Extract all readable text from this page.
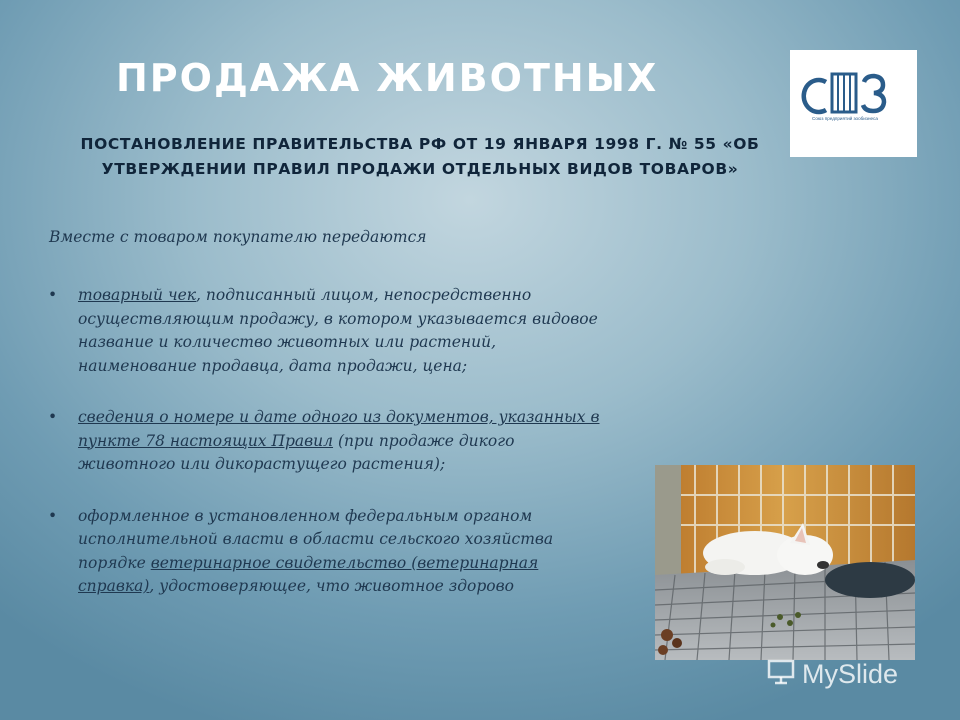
ПРОДАЖА ЖИВОТНЫХ
ПОСТАНОВЛЕНИЕ ПРАВИТЕЛЬСТВА РФ ОТ 19 ЯНВАРЯ 1998 Г. № 55 «ОБ УТВЕРЖДЕНИИ ПРАВИЛ ПРОДАЖИ ОТДЕЛЬНЫХ ВИДОВ ТОВАРОВ»
Союз предприятий зообизнеса

Вместе с товаром покупателю передаются

• товарный чек, подписанный лицом, непосредственно осуществляющим продажу, в котором указывается видовое название и количество животных или растений, наименование продавца, дата продажи, цена;
• сведения о номере и дате одного из документов, указанных в пункте 78 настоящих Правил (при продаже дикого животного или дикорастущего растения);
• оформленное в установленном федеральным органом исполнительной власти в области сельского хозяйства порядке ветеринарное свидетельство (ветеринарная справка), удостоверяющее, что животное здорово
MySlide
